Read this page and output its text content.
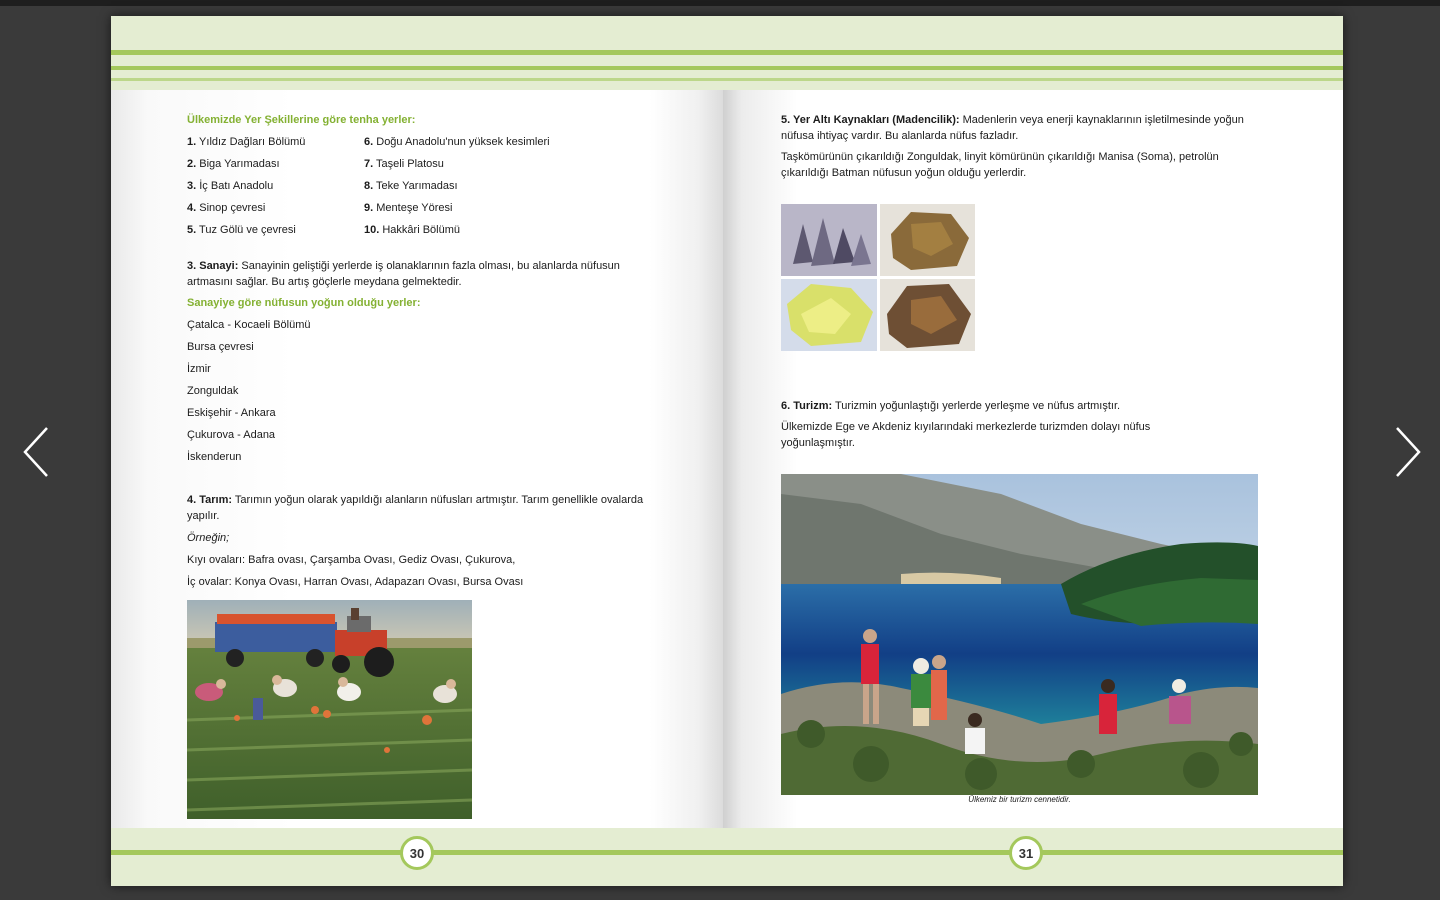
Ülkemizde Yer Şekillerine göre tenha yerler:
1. Yıldız Dağları Bölümü
2. Biga Yarımadası
3. İç Batı Anadolu
4. Sinop çevresi
5. Tuz Gölü ve çevresi
6. Doğu Anadolu'nun yüksek kesimleri
7. Taşeli Platosu
8. Teke Yarımadası
9. Menteşe Yöresi
10. Hakkâri Bölümü
3. Sanayi: Sanayinin geliştiği yerlerde iş olanaklarının fazla olması, bu alanlarda nüfusun artmasını sağlar. Bu artış göçlerle meydana gelmektedir.
Sanayiye göre nüfusun yoğun olduğu yerler:
Çatalca - Kocaeli Bölümü
Bursa çevresi
İzmir
Zonguldak
Eskişehir - Ankara
Çukurova - Adana
İskenderun
4. Tarım: Tarımın yoğun olarak yapıldığı alanların nüfusları artmıştır. Tarım genellikle ovalarda yapılır.
Örneğin;
Kıyı ovaları: Bafra ovası, Çarşamba Ovası, Gediz Ovası, Çukurova,
İç ovalar: Konya Ovası, Harran Ovası, Adapazarı Ovası, Bursa Ovası
30
5. Yer Altı Kaynakları (Madencilik): Madenlerin veya enerji kaynaklarının işletilmesinde yoğun nüfusa ihtiyaç vardır. Bu alanlarda nüfus fazladır.
Taşkömürünün çıkarıldığı Zonguldak, linyit kömürünün çıkarıldığı Manisa (Soma), petrolün çıkarıldığı Batman nüfusun yoğun olduğu yerlerdir.
6. Turizm: Turizmin yoğunlaştığı yerlerde yerleşme ve nüfus artmıştır.
Ülkemizde Ege ve Akdeniz kıyılarındaki merkezlerde turizmden dolayı nüfus yoğunlaşmıştır.
Ülkemiz bir turizm cennetidir.
31
